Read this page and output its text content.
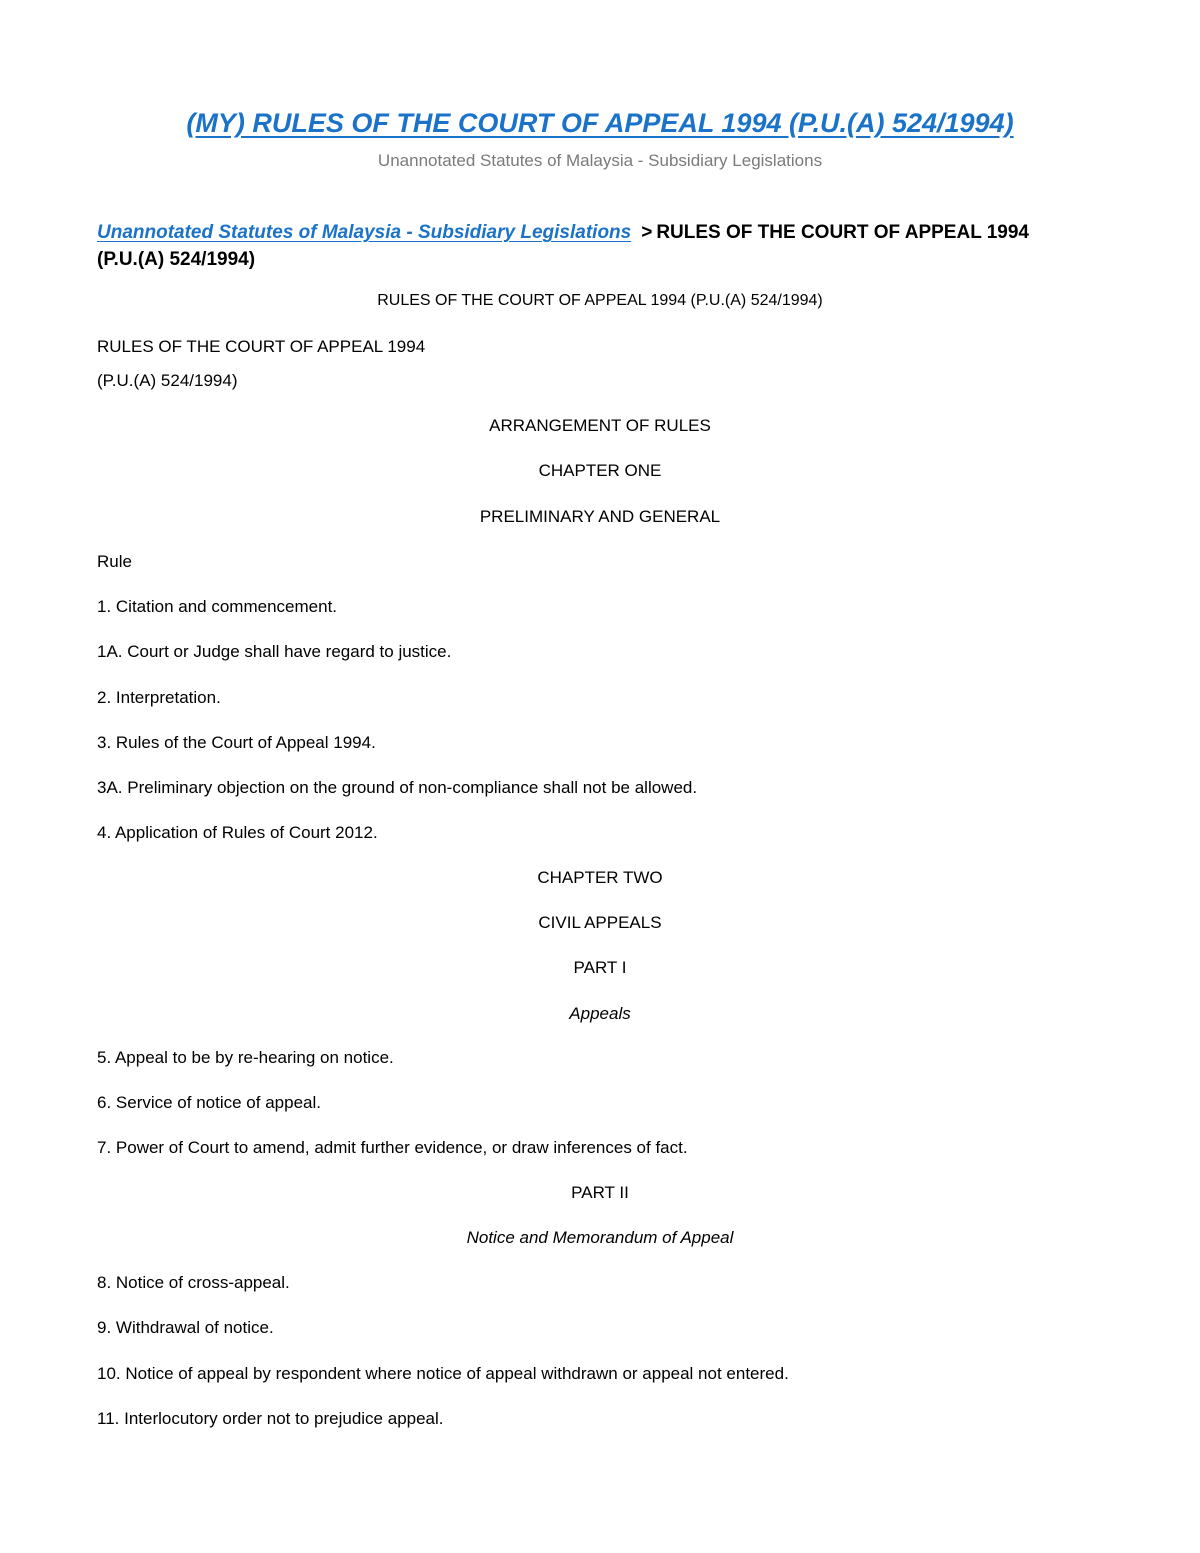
(MY) RULES OF THE COURT OF APPEAL 1994 (P.U.(A) 524/1994)
Unannotated Statutes of Malaysia - Subsidiary Legislations
Unannotated Statutes of Malaysia - Subsidiary Legislations > RULES OF THE COURT OF APPEAL 1994 (P.U.(A) 524/1994)
RULES OF THE COURT OF APPEAL 1994 (P.U.(A) 524/1994)
RULES OF THE COURT OF APPEAL 1994
(P.U.(A) 524/1994)
ARRANGEMENT OF RULES
CHAPTER ONE
PRELIMINARY AND GENERAL
Rule
1. Citation and commencement.
1A. Court or Judge shall have regard to justice.
2. Interpretation.
3. Rules of the Court of Appeal 1994.
3A. Preliminary objection on the ground of non-compliance shall not be allowed.
4. Application of Rules of Court 2012.
CHAPTER TWO
CIVIL APPEALS
PART I
Appeals
5. Appeal to be by re-hearing on notice.
6. Service of notice of appeal.
7. Power of Court to amend, admit further evidence, or draw inferences of fact.
PART II
Notice and Memorandum of Appeal
8. Notice of cross-appeal.
9. Withdrawal of notice.
10. Notice of appeal by respondent where notice of appeal withdrawn or appeal not entered.
11. Interlocutory order not to prejudice appeal.
